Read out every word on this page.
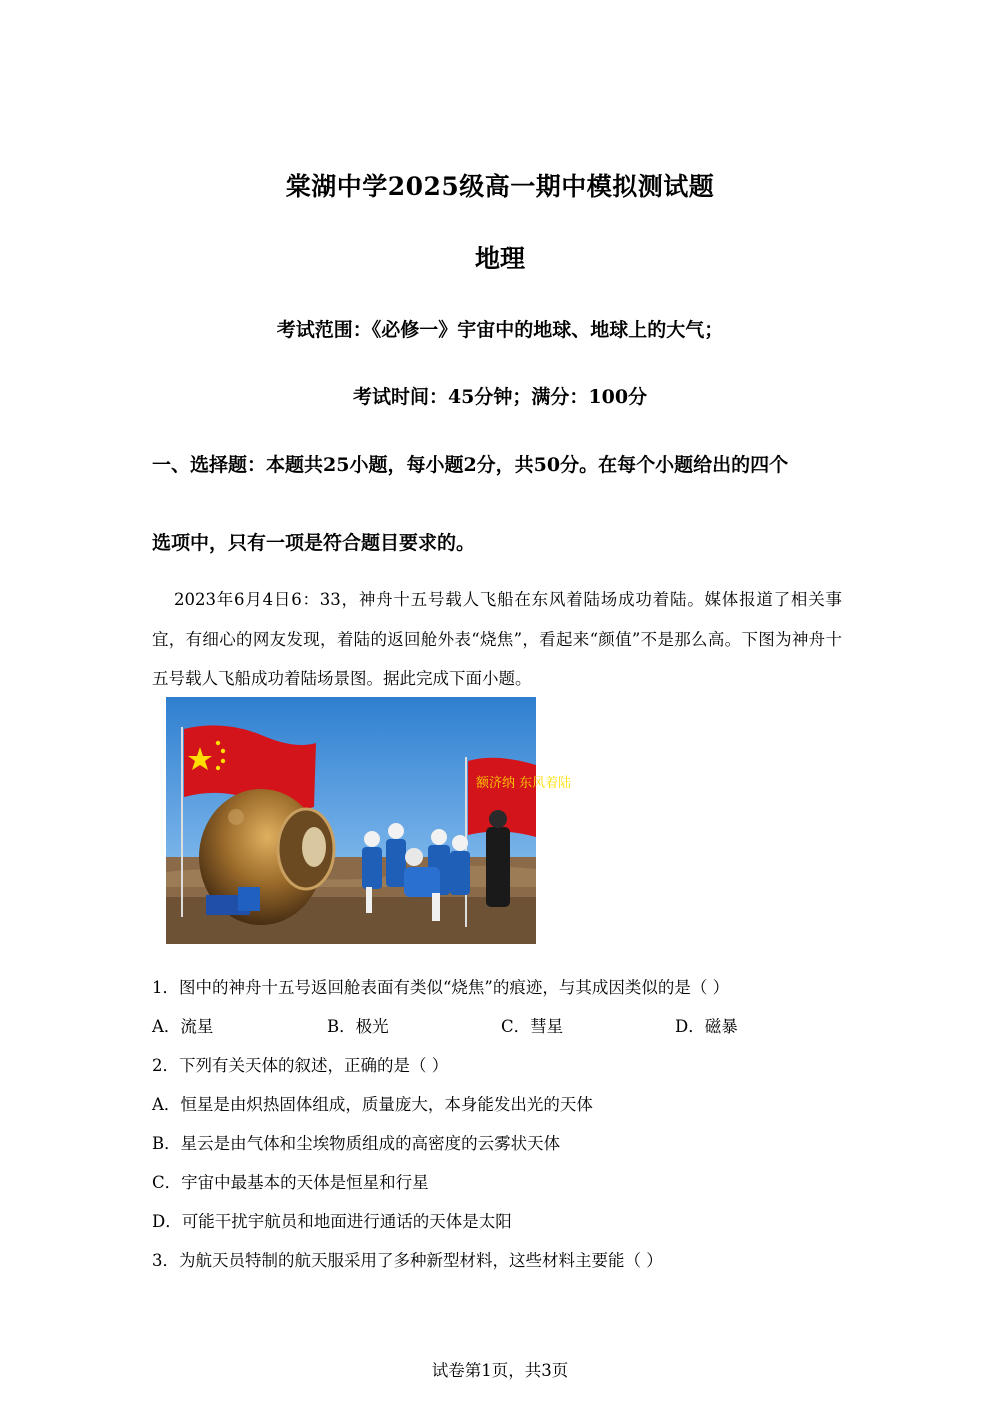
棠湖中学2025级高一期中模拟测试题
地理
考试范围：《必修一》宇宙中的地球、地球上的大气；
考试时间：45分钟；满分：100分
一、选择题：本题共25小题，每小题2分，共50分。在每个小题给出的四个
选项中，只有一项是符合题目要求的。
2023年6月4日6：33，神舟十五号载人飞船在东风着陆场成功着陆。媒体报道了相关事宜，有细心的网友发现，着陆的返回舱外表“烧焦”，看起来“颜值”不是那么高。下图为神舟十五号载人飞船成功着陆场景图。据此完成下面小题。
额济纳 东风着陆
1．图中的神舟十五号返回舱表面有类似“烧焦”的痕迹，与其成因类似的是（ ）
A．流星	B．极光	C．彗星	D．磁暴
2．下列有关天体的叙述，正确的是（ ）
A．恒星是由炽热固体组成，质量庞大，本身能发出光的天体
B．星云是由气体和尘埃物质组成的高密度的云雾状天体
C．宇宙中最基本的天体是恒星和行星
D．可能干扰宇航员和地面进行通话的天体是太阳
3．为航天员特制的航天服采用了多种新型材料，这些材料主要能（ ）
试卷第1页，共3页
